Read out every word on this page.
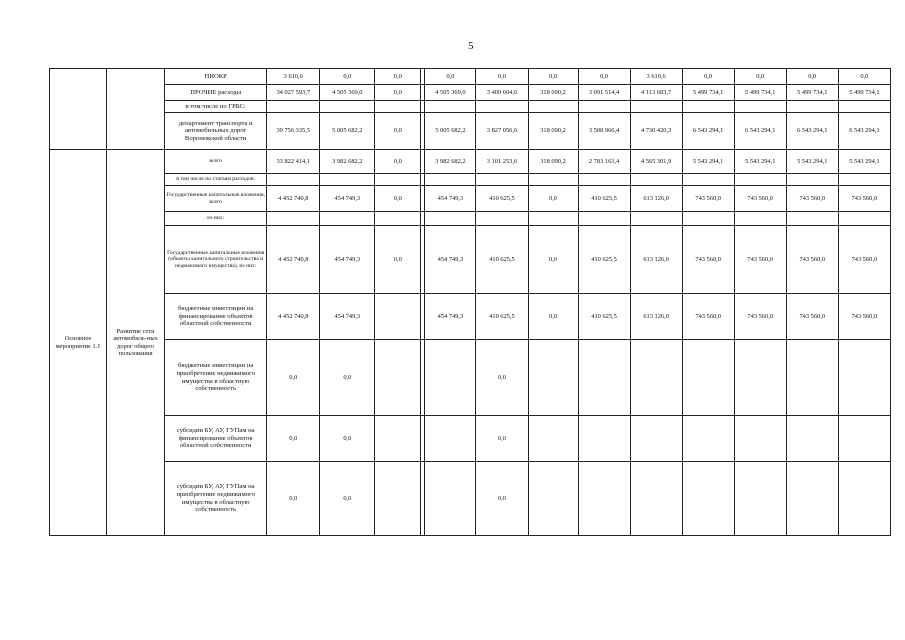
5
		НИОКР	3 610,6	0,0	0,0		0,0	0,0	0,0	0,0	3 610,6	0,0	0,0	0,0	0,0
		ПРОЧИЕ расходы	34 027 593,7	4 505 369,0	0,0		4 505 369,0	3 409 604,6	318 090,2	3 091 514,4	4 113 683,7	5 499 734,1	5 499 734,1	5 499 734,1	5 499 734,1
		в том числе по ГРБС:													
		департамент транспорта и автомобильных дорог Воронежской области	39 756 335,5	5 005 682,2	0,0		5 005 682,2	3 827 056,6	318 090,2	3 508 966,4	4 730 420,3	6 543 294,1	6 543 294,1	6 543 294,1	6 543 294,1
Основное мероприятие 1.1	Развитие сети автомобиль-ных дорог общего пользования	всего	33 822 414,1	3 982 682,2	0,0		3 982 682,2	3 101 253,6	318 090,2	2 783 163,4	4 565 301,9	5 543 294,1	5 543 294,1	5 543 294,1	5 543 294,1
		в том числе по статьям расходов:													
		Государственные капитальные вложения, всего	4 452 740,8	454 749,3	0,0		454 749,3	410 625,5	0,0	410 625,5	613 126,0	743 560,0	743 560,0	743 560,0	743 560,0
		из них:													
		Государственные капитальные вложения (объекты капитального строительства и недвижимого имущества), из них:	4 452 740,8	454 749,3	0,0		454 749,3	410 625,5	0,0	410 625,5	613 126,0	743 560,0	743 560,0	743 560,0	743 560,0
		бюджетные инвестиции на финансирование объектов областной собственности	4 452 740,8	454 749,3			454 749,3	410 625,5	0,0	410 625,5	613 126,0	743 560,0	743 560,0	743 560,0	743 560,0
		бюджетные инвестиции на приобретение недвижимого имущества в областную собственность	0,0	0,0				0,0							
		субсидии БУ, АУ, ГУПам на финансирование объектов областной собственности	0,0	0,0				0,0							
		субсидии БУ, АУ, ГУПам на приобретение недвижимого имущества в областную собственность	0,0	0,0				0,0							
